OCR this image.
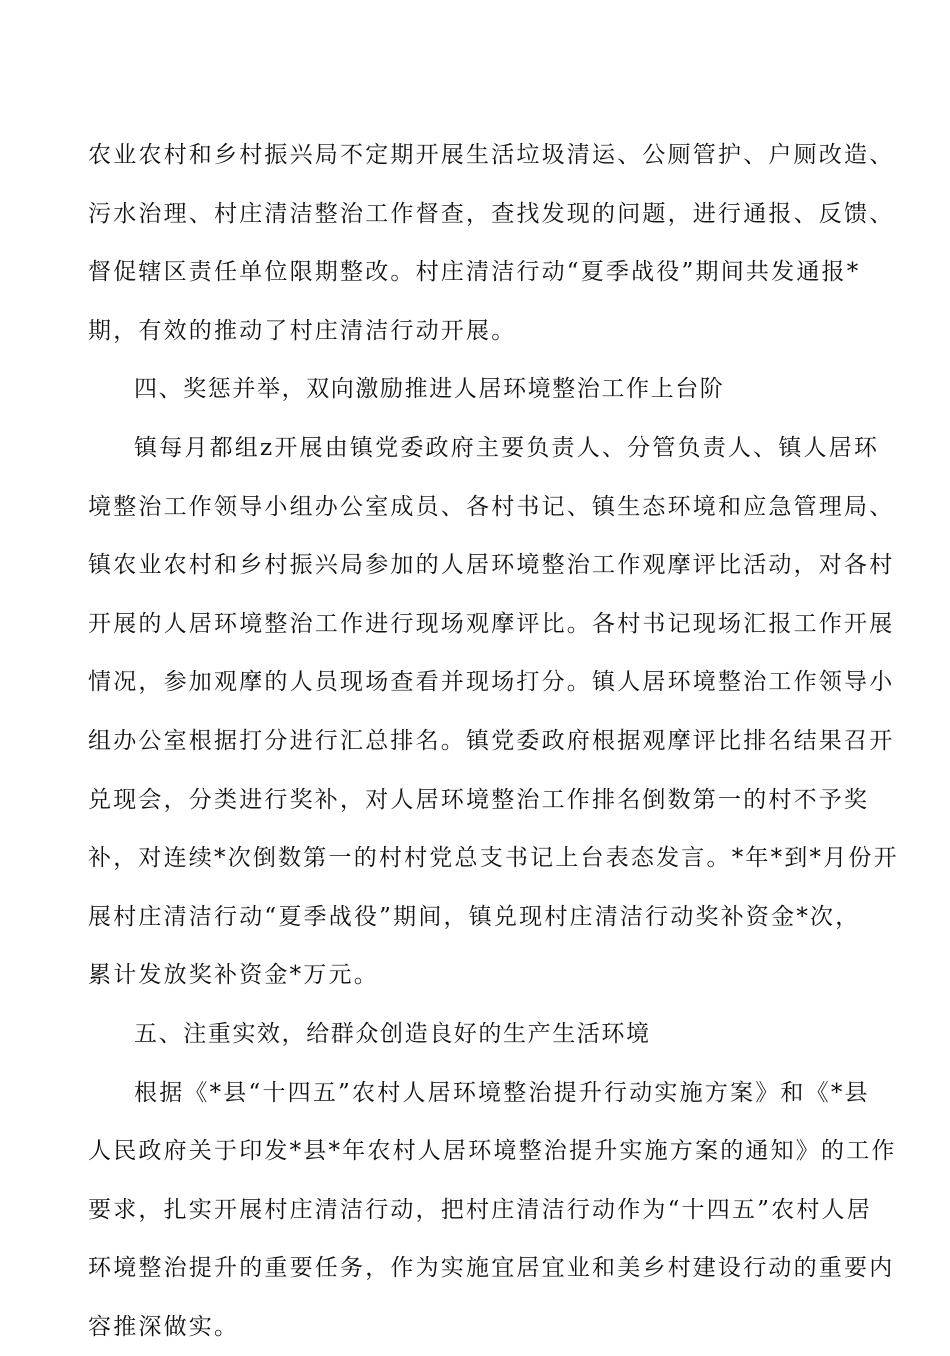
农业农村和乡村振兴局不定期开展生活垃圾清运、公厕管护、户厕改造、
污水治理、村庄清洁整治工作督查，查找发现的问题，进行通报、反馈、
督促辖区责任单位限期整改。村庄清洁行动“夏季战役”期间共发通报*
期，有效的推动了村庄清洁行动开展。
四、奖惩并举，双向激励推进人居环境整治工作上台阶
镇每月都组z开展由镇党委政府主要负责人、分管负责人、镇人居环
境整治工作领导小组办公室成员、各村书记、镇生态环境和应急管理局、
镇农业农村和乡村振兴局参加的人居环境整治工作观摩评比活动，对各村
开展的人居环境整治工作进行现场观摩评比。各村书记现场汇报工作开展
情况，参加观摩的人员现场查看并现场打分。镇人居环境整治工作领导小
组办公室根据打分进行汇总排名。镇党委政府根据观摩评比排名结果召开
兑现会，分类进行奖补，对人居环境整治工作排名倒数第一的村不予奖
补，对连续*次倒数第一的村村党总支书记上台表态发言。*年*到*月份开
展村庄清洁行动“夏季战役”期间，镇兑现村庄清洁行动奖补资金*次，
累计发放奖补资金*万元。
五、注重实效，给群众创造良好的生产生活环境
根据《*县“十四五”农村人居环境整治提升行动实施方案》和《*县
人民政府关于印发*县*年农村人居环境整治提升实施方案的通知》的工作
要求，扎实开展村庄清洁行动，把村庄清洁行动作为“十四五”农村人居
环境整治提升的重要任务，作为实施宜居宜业和美乡村建设行动的重要内
容推深做实。
